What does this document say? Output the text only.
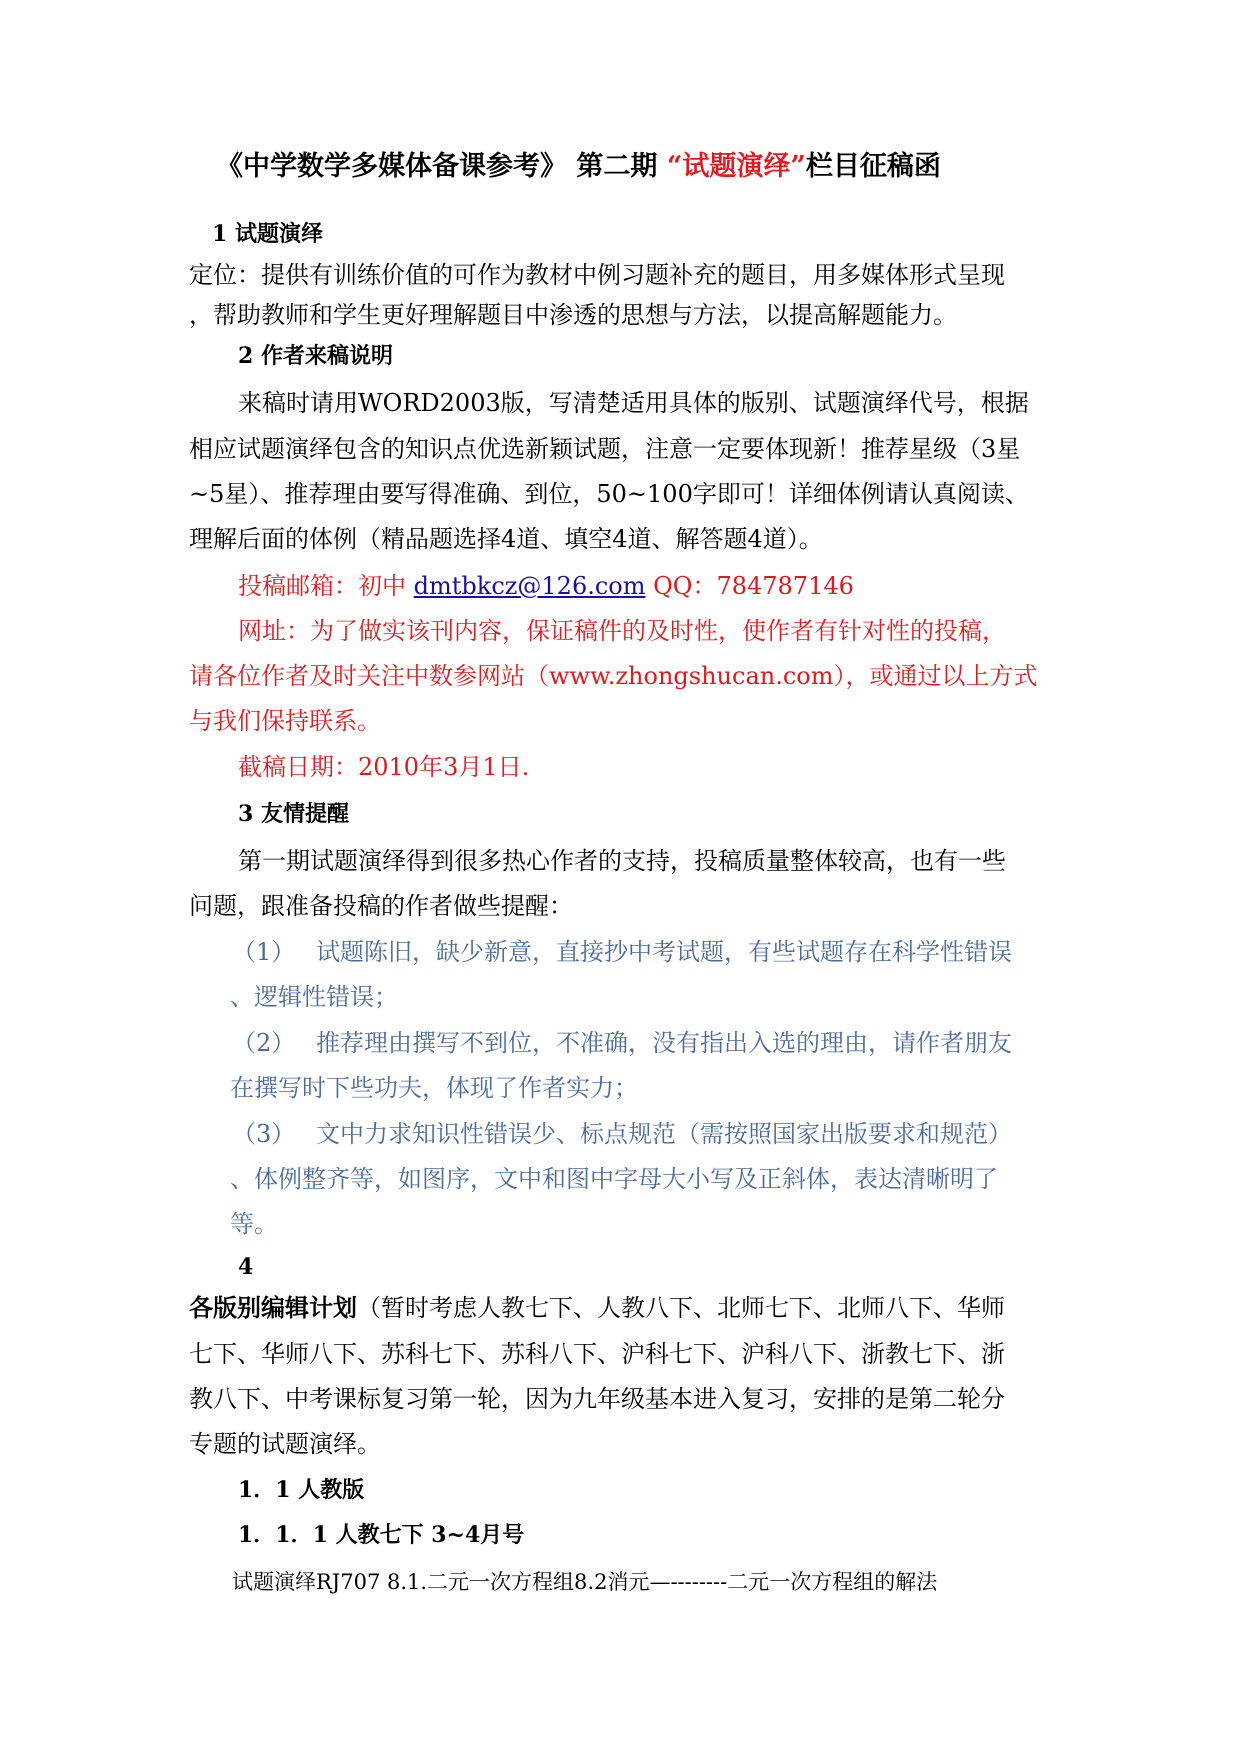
《中学数学多媒体备课参考》 第二期 “试题演绎”栏目征稿函
1 试题演绎
定位：提供有训练价值的可作为教材中例习题补充的题目，用多媒体形式呈现
，帮助教师和学生更好理解题目中渗透的思想与方法，以提高解题能力。
2 作者来稿说明
来稿时请用WORD2003版，写清楚适用具体的版别、试题演绎代号，根据
相应试题演绎包含的知识点优选新颖试题，注意一定要体现新！推荐星级（3星
~5星）、推荐理由要写得准确、到位，50~100字即可！详细体例请认真阅读、
理解后面的体例（精品题选择4道、填空4道、解答题4道）。
投稿邮箱：初中 dmtbkcz@126.com QQ：784787146
网址：为了做实该刊内容，保证稿件的及时性，使作者有针对性的投稿，
请各位作者及时关注中数参网站（www.zhongshucan.com），或通过以上方式
与我们保持联系。
截稿日期：2010年3月1日.
3 友情提醒
第一期试题演绎得到很多热心作者的支持，投稿质量整体较高，也有一些
问题，跟准备投稿的作者做些提醒：
（1） 试题陈旧，缺少新意，直接抄中考试题，有些试题存在科学性错误
、逻辑性错误；
（2） 推荐理由撰写不到位，不准确，没有指出入选的理由，请作者朋友
在撰写时下些功夫，体现了作者实力；
（3） 文中力求知识性错误少、标点规范（需按照国家出版要求和规范）
、体例整齐等，如图序，文中和图中字母大小写及正斜体，表达清晰明了
等。
4
各版别编辑计划（暂时考虑人教七下、人教八下、北师七下、北师八下、华师
七下、华师八下、苏科七下、苏科八下、沪科七下、沪科八下、浙教七下、浙
教八下、中考课标复习第一轮，因为九年级基本进入复习，安排的是第二轮分
专题的试题演绎。
1．1 人教版
1．1．1 人教七下 3~4月号
试题演绎RJ707 8.1.二元一次方程组8.2消元—--------二元一次方程组的解法
